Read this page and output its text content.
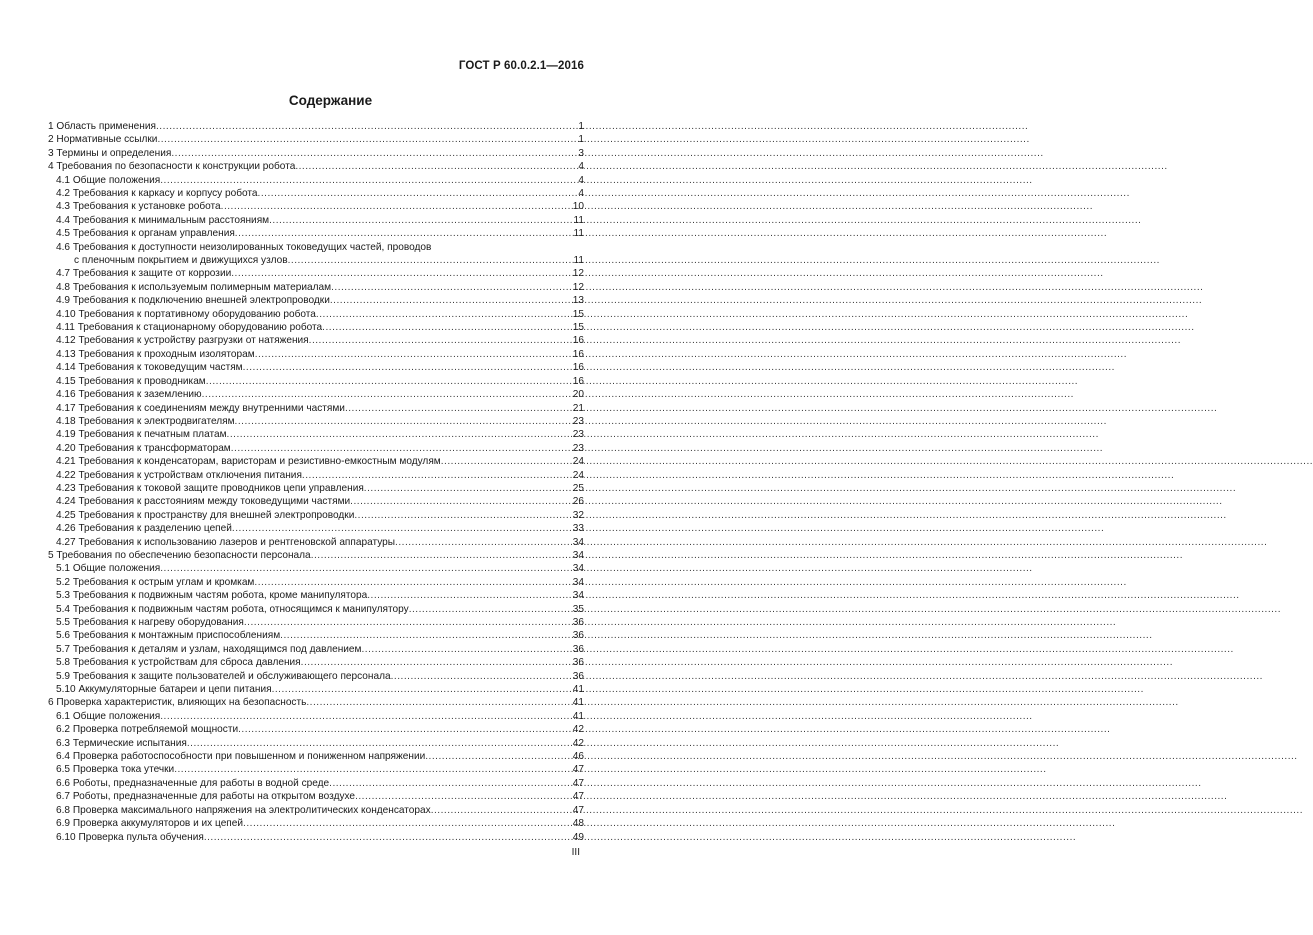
ГОСТ Р 60.0.2.1—2016
Содержание
1 Область применения .....	1
2 Нормативные ссылки .....	1
3 Термины и определения .....	3
4 Требования по безопасности к конструкции робота .....	4
4.1 Общие положения .....	4
4.2 Требования к каркасу и корпусу робота .....	4
4.3 Требования к установке робота .....	10
4.4 Требования к минимальным расстояниям .....	11
4.5 Требования к органам управления .....	11
4.6 Требования к доступности неизолированных токоведущих частей, проводов
с пленочным покрытием и движущихся узлов .....	11
4.7 Требования к защите от коррозии .....	12
4.8 Требования к используемым полимерным материалам .....	12
4.9 Требования к подключению внешней электропроводки .....	13
4.10 Требования к портативному оборудованию робота .....	15
4.11 Требования к стационарному оборудованию робота .....	15
4.12 Требования к устройству разгрузки от натяжения .....	16
4.13 Требования к проходным изоляторам .....	16
4.14 Требования к токоведущим частям .....	16
4.15 Требования к проводникам .....	16
4.16 Требования к заземлению .....	20
4.17 Требования к соединениям между внутренними частями .....	21
4.18 Требования к электродвигателям .....	23
4.19 Требования к печатным платам .....	23
4.20 Требования к трансформаторам .....	23
4.21 Требования к конденсаторам, варисторам и резистивно-емкостным модулям .....	24
4.22 Требования к устройствам отключения питания .....	24
4.23 Требования к токовой защите проводников цепи управления .....	25
4.24 Требования к расстояниям между токоведущими частями .....	26
4.25 Требования к пространству для внешней электропроводки .....	32
4.26 Требования к разделению цепей .....	33
4.27 Требования к использованию лазеров и рентгеновской аппаратуры .....	34
5 Требования по обеспечению безопасности персонала .....	34
5.1 Общие положения .....	34
5.2 Требования к острым углам и кромкам .....	34
5.3 Требования к подвижным частям робота, кроме манипулятора .....	34
5.4 Требования к подвижным частям робота, относящимся к манипулятору .....	35
5.5 Требования к нагреву оборудования .....	36
5.6 Требования к монтажным приспособлениям .....	36
5.7 Требования к деталям и узлам, находящимся под давлением .....	36
5.8 Требования к устройствам для сброса давления .....	36
5.9 Требования к защите пользователей и обслуживающего персонала .....	36
5.10 Аккумуляторные батареи и цепи питания .....	41
6 Проверка характеристик, влияющих на безопасность .....	41
6.1 Общие положения .....	41
6.2 Проверка потребляемой мощности .....	42
6.3 Термические испытания .....	42
6.4 Проверка работоспособности при повышенном и пониженном напряжении .....	46
6.5 Проверка тока утечки .....	47
6.6 Роботы, предназначенные для работы в водной среде .....	47
6.7 Роботы, предназначенные для работы на открытом воздухе .....	47
6.8 Проверка максимального напряжения на электролитических конденсаторах .....	47
6.9 Проверка аккумуляторов и их цепей .....	48
6.10 Проверка пульта обучения .....	49
III
